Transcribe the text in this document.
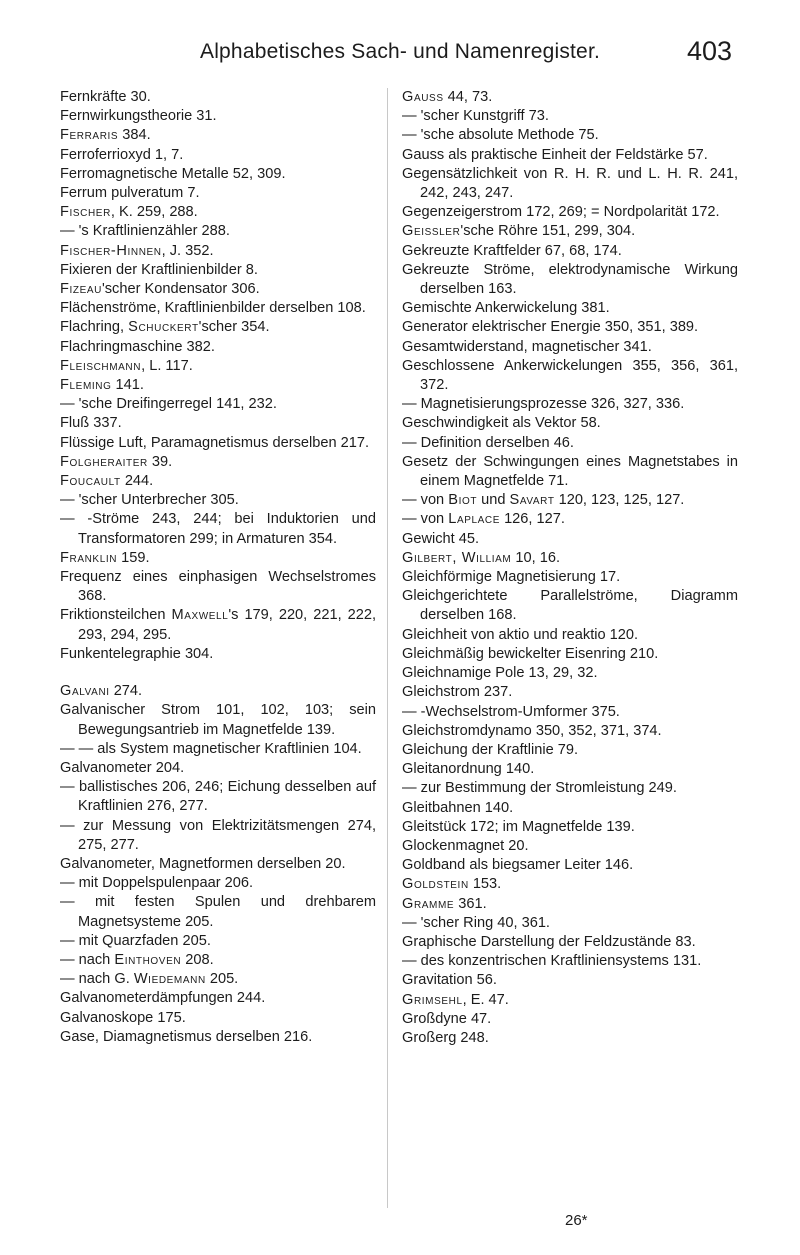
Alphabetisches Sach- und Namenregister.	403

Fernkräfte 30.

Fernwirkungstheorie 31.

Ferraris 384.

Ferroferrioxyd 1, 7.

Ferromagnetische Metalle 52, 309.

Ferrum pulveratum 7.

Fischer, K. 259, 288.

— 's Kraftlinienzähler 288.

Fischer-Hinnen, J. 352.

Fixieren der Kraftlinienbilder 8.

Fizeau'scher Kondensator 306.

Flächenströme, Kraftlinienbilder derselben 108.

Flachring, Schuckert'scher 354.

Flachringmaschine 382.

Fleischmann, L. 117.

Fleming 141.

— 'sche Dreifingerregel 141, 232.

Fluß 337.

Flüssige Luft, Paramagnetismus derselben 217.

Folgheraiter 39.

Foucault 244.

— 'scher Unterbrecher 305.

— -Ströme 243, 244; bei Induktorien und Transformatoren 299; in Armaturen 354.

Franklin 159.

Frequenz eines einphasigen Wechselstromes 368.

Friktionsteilchen Maxwell's 179, 220, 221, 222, 293, 294, 295.

Funkentelegraphie 304.

Galvani 274.

Galvanischer Strom 101, 102, 103; sein Bewegungsantrieb im Magnetfelde 139.

— — als System magnetischer Kraftlinien 104.

Galvanometer 204.

— ballistisches 206, 246; Eichung desselben auf Kraftlinien 276, 277.

— zur Messung von Elektrizitätsmengen 274, 275, 277.

Galvanometer, Magnetformen derselben 20.

— mit Doppelspulenpaar 206.

— mit festen Spulen und drehbarem Magnetsysteme 205.

— mit Quarzfaden 205.

— nach Einthoven 208.

— nach G. Wiedemann 205.

Galvanometerdämpfungen 244.

Galvanoskope 175.

Gase, Diamagnetismus derselben 216.

Gauss 44, 73.

— 'scher Kunstgriff 73.

— 'sche absolute Methode 75.

Gauss als praktische Einheit der Feldstärke 57.

Gegensätzlichkeit von R. H. R. und L. H. R. 241, 242, 243, 247.

Gegenzeigerstrom 172, 269; = Nordpolarität 172.

Geissler'sche Röhre 151, 299, 304.

Gekreuzte Kraftfelder 67, 68, 174.

Gekreuzte Ströme, elektrodynamische Wirkung derselben 163.

Gemischte Ankerwickelung 381.

Generator elektrischer Energie 350, 351, 389.

Gesamtwiderstand, magnetischer 341.

Geschlossene Ankerwickelungen 355, 356, 361, 372.

— Magnetisierungsprozesse 326, 327, 336.

Geschwindigkeit als Vektor 58.

— Definition derselben 46.

Gesetz der Schwingungen eines Magnetstabes in einem Magnetfelde 71.

— von Biot und Savart 120, 123, 125, 127.

— von Laplace 126, 127.

Gewicht 45.

Gilbert, William 10, 16.

Gleichförmige Magnetisierung 17.

Gleichgerichtete Parallelströme, Diagramm derselben 168.

Gleichheit von aktio und reaktio 120.

Gleichmäßig bewickelter Eisenring 210.

Gleichnamige Pole 13, 29, 32.

Gleichstrom 237.

— -Wechselstrom-Umformer 375.

Gleichstromdynamo 350, 352, 371, 374.

Gleichung der Kraftlinie 79.

Gleitanordnung 140.

— zur Bestimmung der Stromleistung 249.

Gleitbahnen 140.

Gleitstück 172; im Magnetfelde 139.

Glockenmagnet 20.

Goldband als biegsamer Leiter 146.

Goldstein 153.

Gramme 361.

— 'scher Ring 40, 361.

Graphische Darstellung der Feldzustände 83.

— des konzentrischen Kraftliniensystems 131.

Gravitation 56.

Grimsehl, E. 47.

Großdyne 47.

Großerg 248.

26*
